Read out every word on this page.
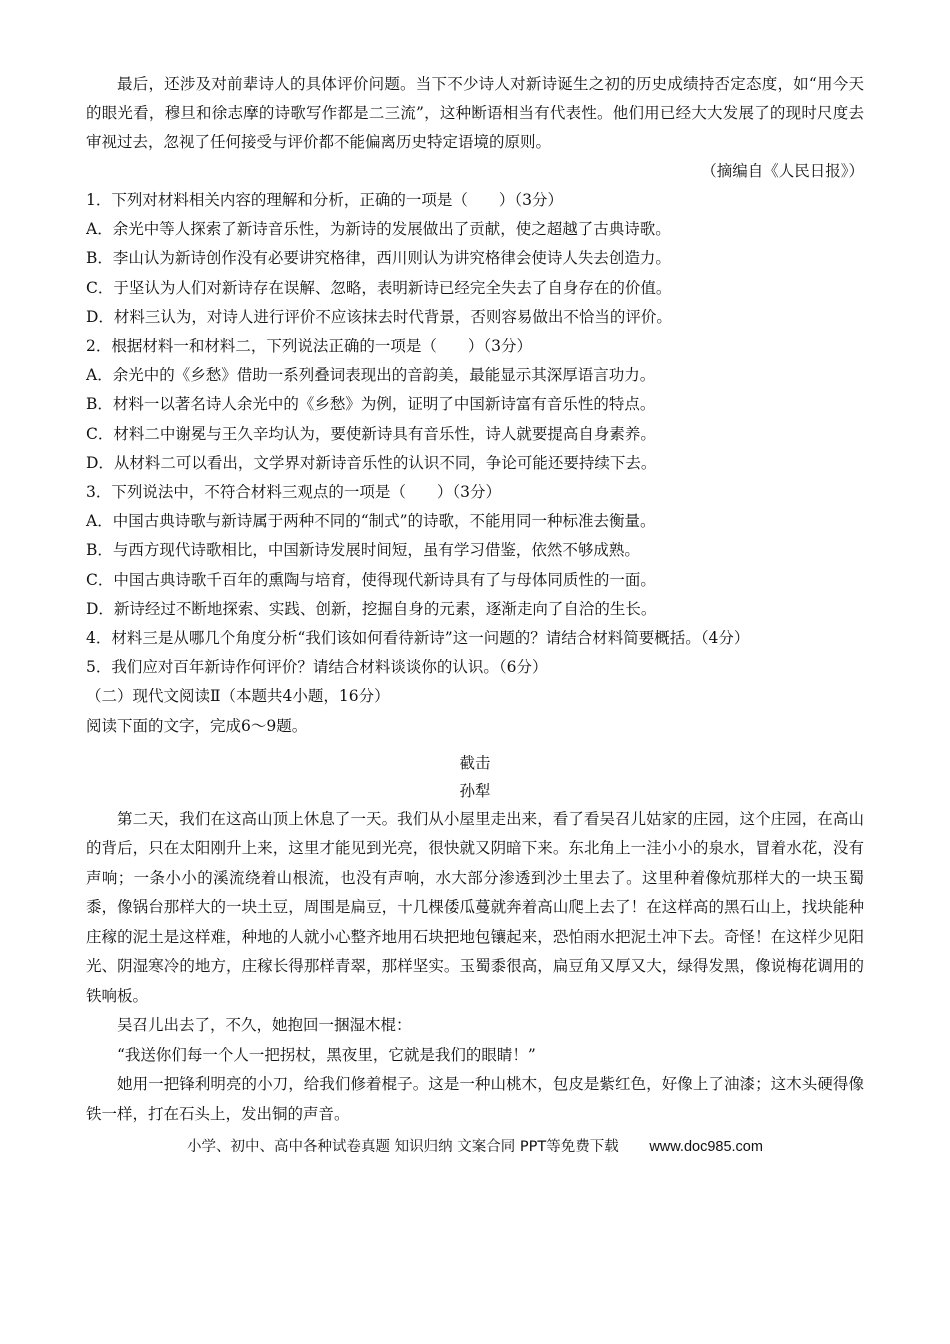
最后，还涉及对前辈诗人的具体评价问题。当下不少诗人对新诗诞生之初的历史成绩持否定态度，如“用今天的眼光看，穆旦和徐志摩的诗歌写作都是二三流”，这种断语相当有代表性。他们用已经大大发展了的现时尺度去审视过去，忽视了任何接受与评价都不能偏离历史特定语境的原则。

（摘编自《人民日报》）

1．下列对材料相关内容的理解和分析，正确的一项是（　　）（3分）

A．余光中等人探索了新诗音乐性，为新诗的发展做出了贡献，使之超越了古典诗歌。

B．李山认为新诗创作没有必要讲究格律，西川则认为讲究格律会使诗人失去创造力。

C．于坚认为人们对新诗存在误解、忽略，表明新诗已经完全失去了自身存在的价值。

D．材料三认为，对诗人进行评价不应该抹去时代背景，否则容易做出不恰当的评价。

2．根据材料一和材料二，下列说法正确的一项是（　　）（3分）

A．余光中的《乡愁》借助一系列叠词表现出的音韵美，最能显示其深厚语言功力。

B．材料一以著名诗人余光中的《乡愁》为例，证明了中国新诗富有音乐性的特点。

C．材料二中谢冕与王久辛均认为，要使新诗具有音乐性，诗人就要提高自身素养。

D．从材料二可以看出，文学界对新诗音乐性的认识不同，争论可能还要持续下去。

3．下列说法中，不符合材料三观点的一项是（　　）（3分）

A．中国古典诗歌与新诗属于两种不同的“制式”的诗歌，不能用同一种标准去衡量。

B．与西方现代诗歌相比，中国新诗发展时间短，虽有学习借鉴，依然不够成熟。

C．中国古典诗歌千百年的熏陶与培育，使得现代新诗具有了与母体同质性的一面。

D．新诗经过不断地探索、实践、创新，挖掘自身的元素，逐渐走向了自洽的生长。

4．材料三是从哪几个角度分析“我们该如何看待新诗”这一问题的？请结合材料简要概括。（4分）

5．我们应对百年新诗作何评价？请结合材料谈谈你的认识。（6分）

（二）现代文阅读Ⅱ（本题共4小题，16分）

阅读下面的文字，完成6～9题。

截击

孙犁

第二天，我们在这高山顶上休息了一天。我们从小屋里走出来，看了看吴召儿姑家的庄园，这个庄园，在高山的背后，只在太阳刚升上来，这里才能见到光亮，很快就又阴暗下来。东北角上一洼小小的泉水，冒着水花，没有声响；一条小小的溪流绕着山根流，也没有声响，水大部分渗透到沙土里去了。这里种着像炕那样大的一块玉蜀黍，像锅台那样大的一块土豆，周围是扁豆，十几棵倭瓜蔓就奔着高山爬上去了！在这样高的黑石山上，找块能种庄稼的泥土是这样难，种地的人就小心整齐地用石块把地包镶起来，恐怕雨水把泥土冲下去。奇怪！在这样少见阳光、阴湿寒冷的地方，庄稼长得那样青翠，那样坚实。玉蜀黍很高，扁豆角又厚又大，绿得发黑，像说梅花调用的铁响板。

吴召儿出去了，不久，她抱回一捆湿木棍：

“我送你们每一个人一把拐杖，黑夜里，它就是我们的眼睛！”

她用一把锋利明亮的小刀，给我们修着棍子。这是一种山桃木，包皮是紫红色，好像上了油漆；这木头硬得像铁一样，打在石头上，发出铜的声音。

小学、初中、高中各种试卷真题 知识归纳 文案合同 PPT等免费下载 www.doc985.com
